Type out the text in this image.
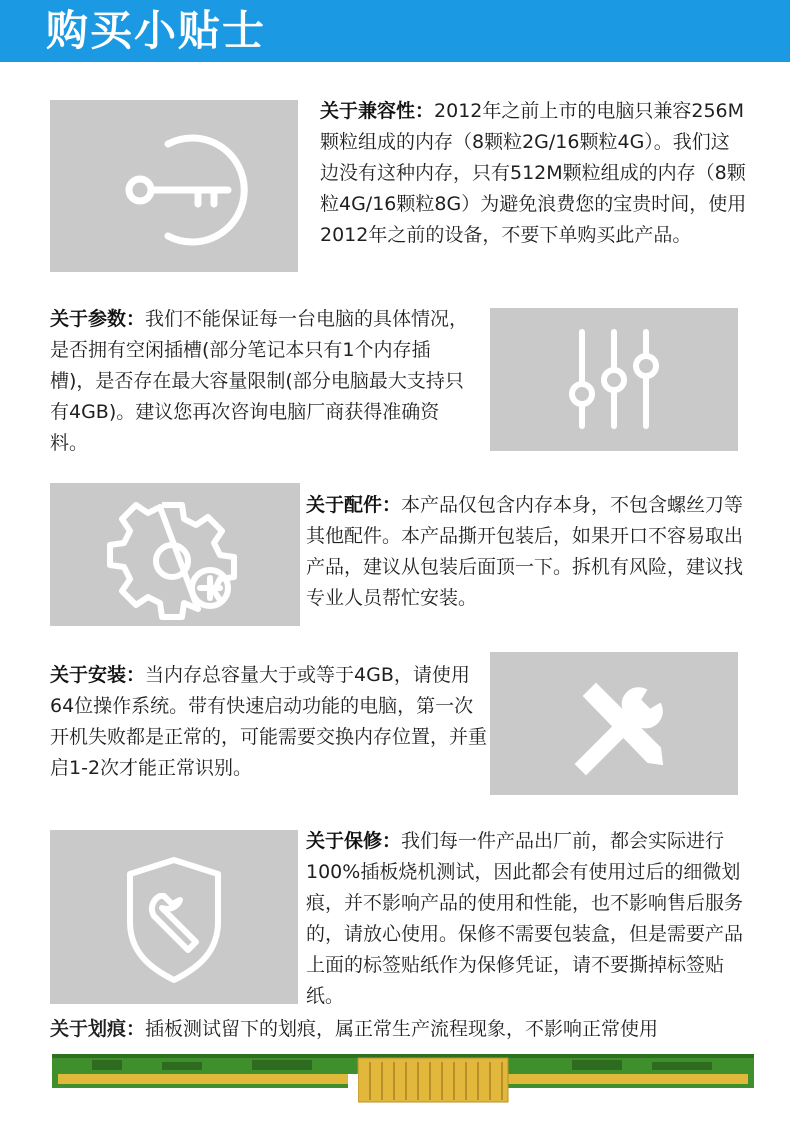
购买小贴士
关于兼容性：2012年之前上市的电脑只兼容256M颗粒组成的内存（8颗粒2G/16颗粒4G）。我们这边没有这种内存，只有512M颗粒组成的内存（8颗粒4G/16颗粒8G）为避免浪费您的宝贵时间，使用2012年之前的设备，不要下单购买此产品。
关于参数：我们不能保证每一台电脑的具体情况，是否拥有空闲插槽(部分笔记本只有1个内存插槽)，是否存在最大容量限制(部分电脑最大支持只有4GB)。建议您再次咨询电脑厂商获得准确资料。
关于配件：本产品仅包含内存本身，不包含螺丝刀等其他配件。本产品撕开包装后，如果开口不容易取出产品，建议从包装后面顶一下。拆机有风险，建议找专业人员帮忙安装。
关于安装：当内存总容量大于或等于4GB，请使用64位操作系统。带有快速启动功能的电脑，第一次开机失败都是正常的，可能需要交换内存位置，并重启1-2次才能正常识别。
关于保修：我们每一件产品出厂前，都会实际进行100%插板烧机测试，因此都会有使用过后的细微划痕，并不影响产品的使用和性能，也不影响售后服务的，请放心使用。保修不需要包装盒，但是需要产品上面的标签贴纸作为保修凭证，请不要撕掉标签贴纸。
关于划痕：插板测试留下的划痕，属正常生产流程现象，不影响正常使用
